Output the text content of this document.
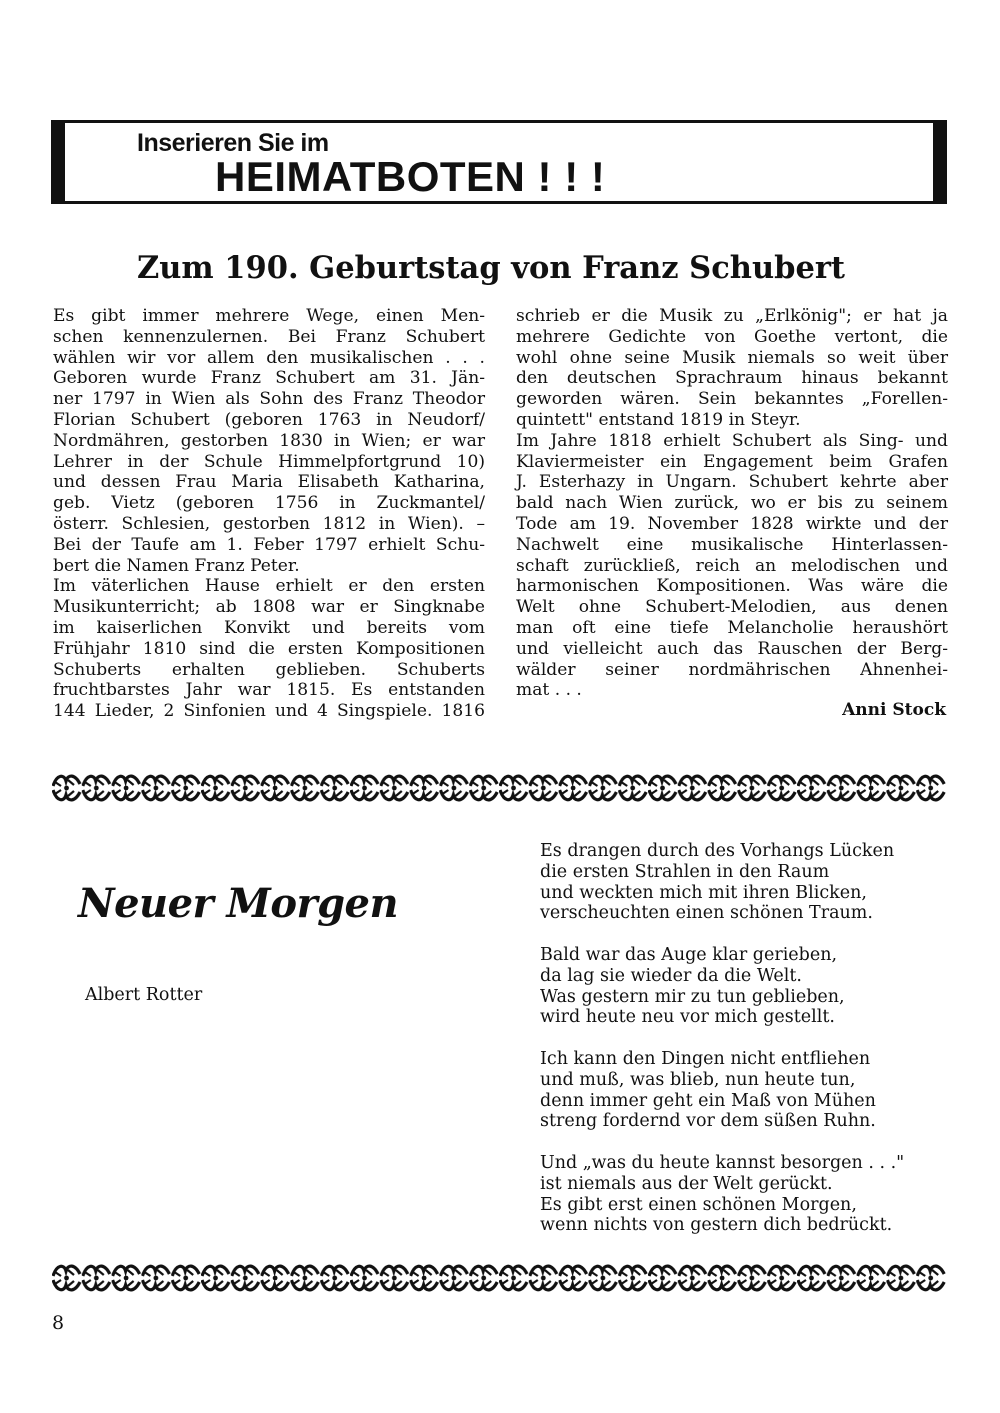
Inserieren Sie im
HEIMATBOTEN ! ! !
Zum 190. Geburtstag von Franz Schubert
Es gibt immer mehrere Wege, einen Men-
schen kennenzulernen. Bei Franz Schubert
wählen wir vor allem den musikalischen . . .
Geboren wurde Franz Schubert am 31. Jän-
ner 1797 in Wien als Sohn des Franz Theodor
Florian Schubert (geboren 1763 in Neudorf/
Nordmähren, gestorben 1830 in Wien; er war
Lehrer in der Schule Himmelpfortgrund 10)
und dessen Frau Maria Elisabeth Katharina,
geb. Vietz (geboren 1756 in Zuckmantel/
österr. Schlesien, gestorben 1812 in Wien). –
Bei der Taufe am 1. Feber 1797 erhielt Schu-
bert die Namen Franz Peter.
Im väterlichen Hause erhielt er den ersten
Musikunterricht; ab 1808 war er Singknabe
im kaiserlichen Konvikt und bereits vom
Frühjahr 1810 sind die ersten Kompositionen
Schuberts erhalten geblieben. Schuberts
fruchtbarstes Jahr war 1815. Es entstanden
144 Lieder, 2 Sinfonien und 4 Singspiele. 1816
schrieb er die Musik zu „Erlkönig"; er hat ja
mehrere Gedichte von Goethe vertont, die
wohl ohne seine Musik niemals so weit über
den deutschen Sprachraum hinaus bekannt
geworden wären. Sein bekanntes „Forellen-
quintett" entstand 1819 in Steyr.
Im Jahre 1818 erhielt Schubert als Sing- und
Klaviermeister ein Engagement beim Grafen
J. Esterhazy in Ungarn. Schubert kehrte aber
bald nach Wien zurück, wo er bis zu seinem
Tode am 19. November 1828 wirkte und der
Nachwelt eine musikalische Hinterlassen-
schaft zurückließ, reich an melodischen und
harmonischen Kompositionen. Was wäre die
Welt ohne Schubert-Melodien, aus denen
man oft eine tiefe Melancholie heraushört
und vielleicht auch das Rauschen der Berg-
wälder seiner nordmährischen Ahnenhei-
mat . . .
Anni Stock
Neuer Morgen
Albert Rotter
Es drangen durch des Vorhangs Lücken
die ersten Strahlen in den Raum
und weckten mich mit ihren Blicken,
verscheuchten einen schönen Traum.
Bald war das Auge klar gerieben,
da lag sie wieder da die Welt.
Was gestern mir zu tun geblieben,
wird heute neu vor mich gestellt.
Ich kann den Dingen nicht entfliehen
und muß, was blieb, nun heute tun,
denn immer geht ein Maß von Mühen
streng fordernd vor dem süßen Ruhn.
Und „was du heute kannst besorgen . . ."
ist niemals aus der Welt gerückt.
Es gibt erst einen schönen Morgen,
wenn nichts von gestern dich bedrückt.
8
